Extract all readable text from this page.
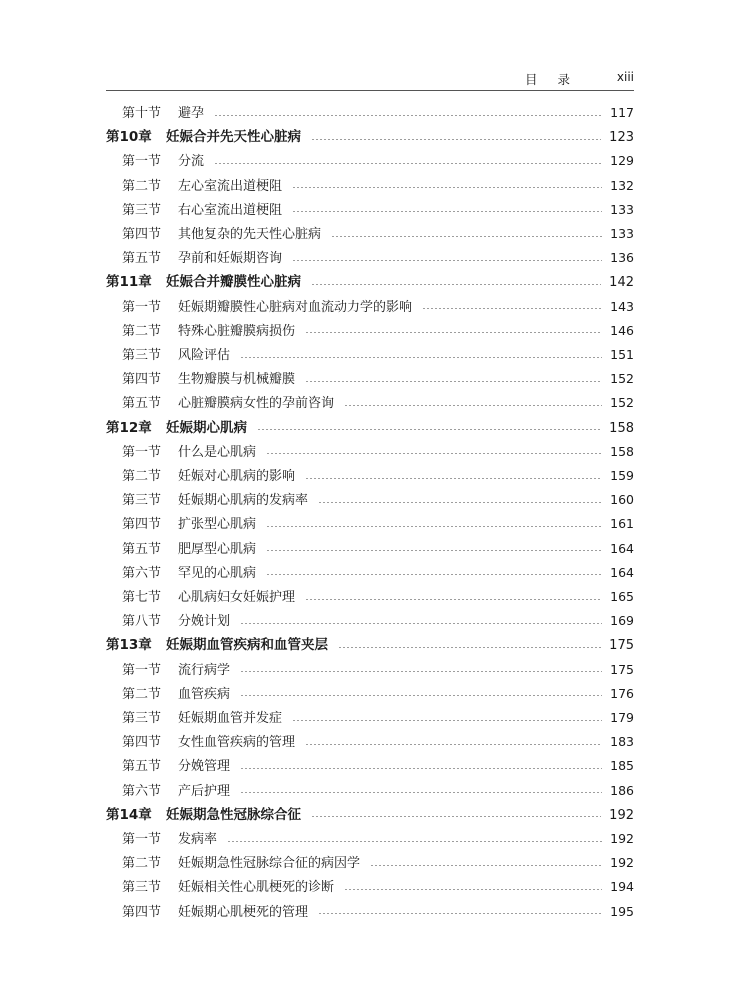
目 录	xiii
第十节	避孕	117
第10章	妊娠合并先天性心脏病	123
第一节	分流	129
第二节	左心室流出道梗阻	132
第三节	右心室流出道梗阻	133
第四节	其他复杂的先天性心脏病	133
第五节	孕前和妊娠期咨询	136
第11章	妊娠合并瓣膜性心脏病	142
第一节	妊娠期瓣膜性心脏病对血流动力学的影响	143
第二节	特殊心脏瓣膜病损伤	146
第三节	风险评估	151
第四节	生物瓣膜与机械瓣膜	152
第五节	心脏瓣膜病女性的孕前咨询	152
第12章	妊娠期心肌病	158
第一节	什么是心肌病	158
第二节	妊娠对心肌病的影响	159
第三节	妊娠期心肌病的发病率	160
第四节	扩张型心肌病	161
第五节	肥厚型心肌病	164
第六节	罕见的心肌病	164
第七节	心肌病妇女妊娠护理	165
第八节	分娩计划	169
第13章	妊娠期血管疾病和血管夹层	175
第一节	流行病学	175
第二节	血管疾病	176
第三节	妊娠期血管并发症	179
第四节	女性血管疾病的管理	183
第五节	分娩管理	185
第六节	产后护理	186
第14章	妊娠期急性冠脉综合征	192
第一节	发病率	192
第二节	妊娠期急性冠脉综合征的病因学	192
第三节	妊娠相关性心肌梗死的诊断	194
第四节	妊娠期心肌梗死的管理	195
